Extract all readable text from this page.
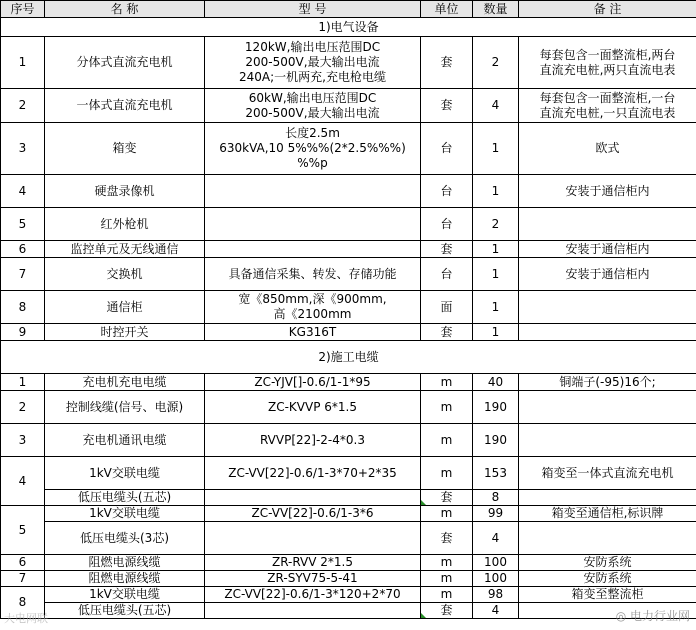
序号	名 称	型 号	单位	数量	备 注
1)电气设备					
1	分体式直流充电机	120kW,输出电压范围DC
200-500V,最大输出电流
240A;一机两充,充电枪电缆	套	2	每套包含一面整流柜,两台
直流充电桩,两只直流电表
2	一体式直流充电机	60kW,输出电压范围DC
200-500V,最大输出电流	套	4	每套包含一面整流柜,一台
直流充电桩,一只直流电表
3	箱变	长度2.5m
630kVA,10 5%%%(2*2.5%%%)
%%p	台	1	欧式
4	硬盘录像机		台	1	安装于通信柜内
5	红外枪机		台	2	
6	监控单元及无线通信		套	1	安装于通信柜内
7	交换机	具备通信采集、转发、存储功能	台	1	安装于通信柜内
8	通信柜	宽《850mm,深《900mm,
高《2100mm	面	1	
9	时控开关	KG316T	套	1	
2)施工电缆					
1	充电机充电电缆	ZC-YJV[]-0.6/1-1*95	m	40	铜端子(-95)16个;
2	控制线缆(信号、电源)	ZC-KVVP 6*1.5	m	190	
3	充电机通讯电缆	RVVP[22]-2-4*0.3	m	190	
4	1kV交联电缆	ZC-VV[22]-0.6/1-3*70+2*35	m	153	箱变至一体式直流充电机
	低压电缆头(五芯)		套	8	
5	1kV交联电缆	ZC-VV[22]-0.6/1-3*6	m	99	箱变至通信柜,标识牌
	低压电缆头(3芯)		套	4	
6	阻燃电源线缆	ZR-RVV 2*1.5	m	100	安防系统
7	阻燃电源线缆	ZR-SYV75-5-41	m	100	安防系统
8	1kV交联电缆	ZC-VV[22]-0.6/1-3*120+2*70	m	98	箱变至整流柜
	低压电缆头(五芯)		套	4		◎ 电力行业网
大电网联
